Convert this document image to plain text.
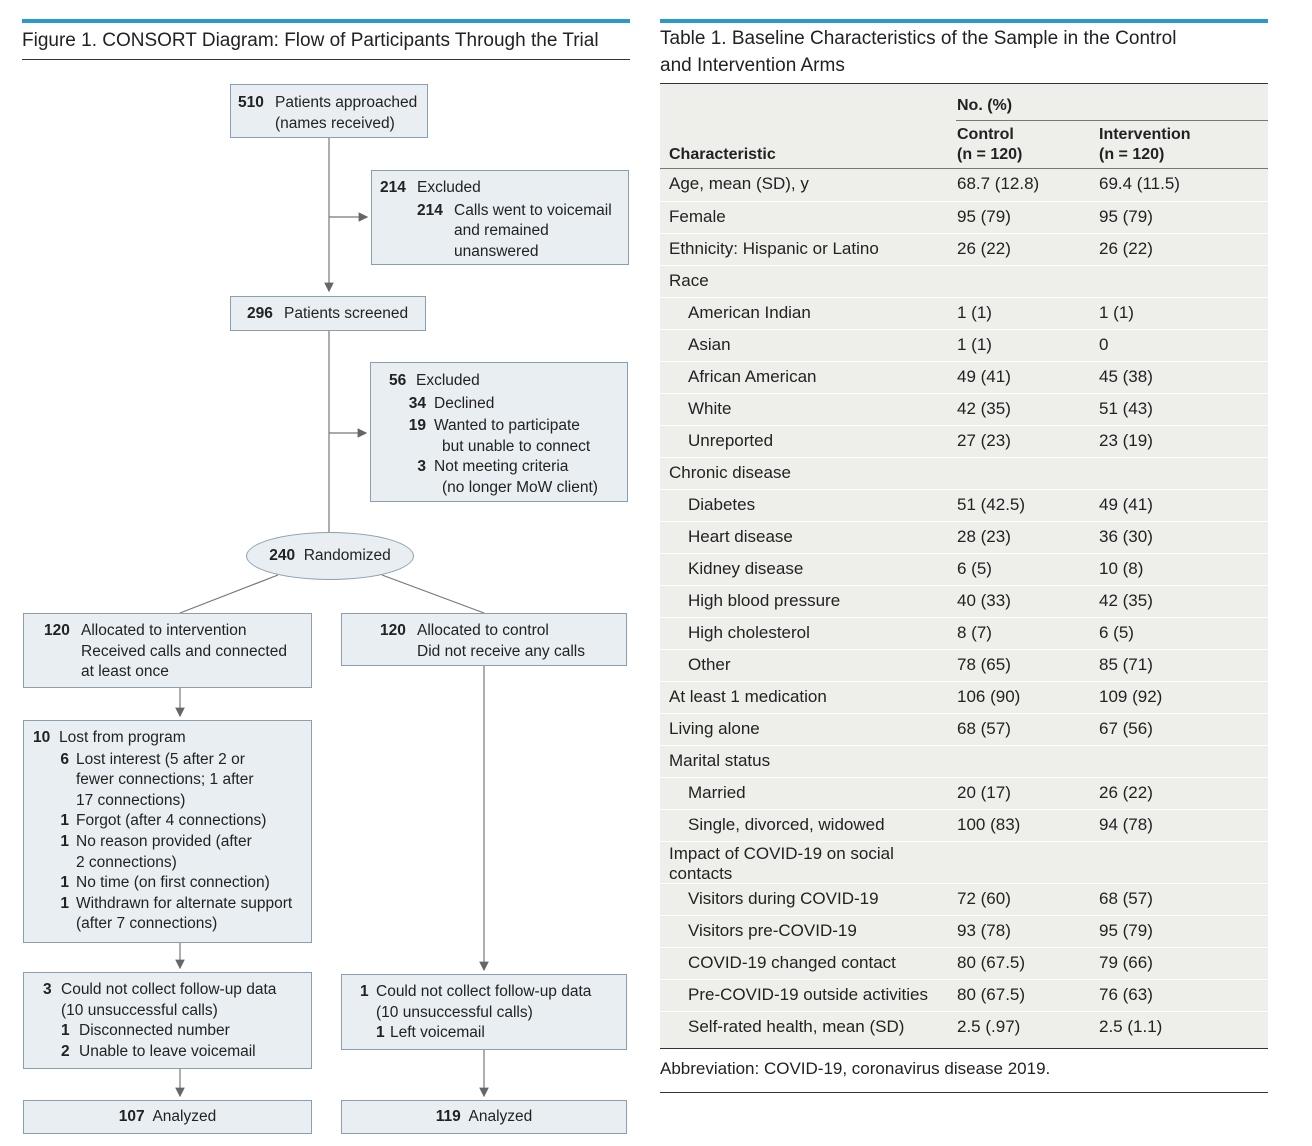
Figure 1. CONSORT Diagram: Flow of Participants Through the Trial
510 Patients approached
(names received)
214 Excluded
214 Calls went to voicemail
and remained
unanswered
296 Patients screened
56 Excluded
34 Declined
19 Wanted to participate
but unable to connect
3 Not meeting criteria
(no longer MoW client)
240 Randomized
120 Allocated to intervention
Received calls and connected
at least once
120 Allocated to control
Did not receive any calls
10 Lost from program
6 Lost interest (5 after 2 or
fewer connections; 1 after
17 connections)
1 Forgot (after 4 connections)
1 No reason provided (after
2 connections)
1 No time (on first connection)
1 Withdrawn for alternate support
(after 7 connections)
3 Could not collect follow-up data
(10 unsuccessful calls)
1 Disconnected number
2 Unable to leave voicemail
1 Could not collect follow-up data
(10 unsuccessful calls)
1 Left voicemail
107 Analyzed	119 Analyzed
Table 1. Baseline Characteristics of the Sample in the Control and Intervention Arms
No. (%)
Control
(n = 120)
Intervention
(n = 120)
Characteristic
Age, mean (SD), y	68.7 (12.8)	69.4 (11.5)
Female	95 (79)	95 (79)
Ethnicity: Hispanic or Latino	26 (22)	26 (22)
Race
American Indian	1 (1)	1 (1)
Asian	1 (1)	0
African American	49 (41)	45 (38)
White	42 (35)	51 (43)
Unreported	27 (23)	23 (19)
Chronic disease
Diabetes	51 (42.5)	49 (41)
Heart disease	28 (23)	36 (30)
Kidney disease	6 (5)	10 (8)
High blood pressure	40 (33)	42 (35)
High cholesterol	8 (7)	6 (5)
Other	78 (65)	85 (71)
At least 1 medication	106 (90)	109 (92)
Living alone	68 (57)	67 (56)
Marital status
Married	20 (17)	26 (22)
Single, divorced, widowed	100 (83)	94 (78)
Impact of COVID-19 on social contacts
Visitors during COVID-19	72 (60)	68 (57)
Visitors pre-COVID-19	93 (78)	95 (79)
COVID-19 changed contact	80 (67.5)	79 (66)
Pre-COVID-19 outside activities 80 (67.5)	76 (63)
Self-rated health, mean (SD)	2.5 (.97)	2.5 (1.1)
Abbreviation: COVID-19, coronavirus disease 2019.
